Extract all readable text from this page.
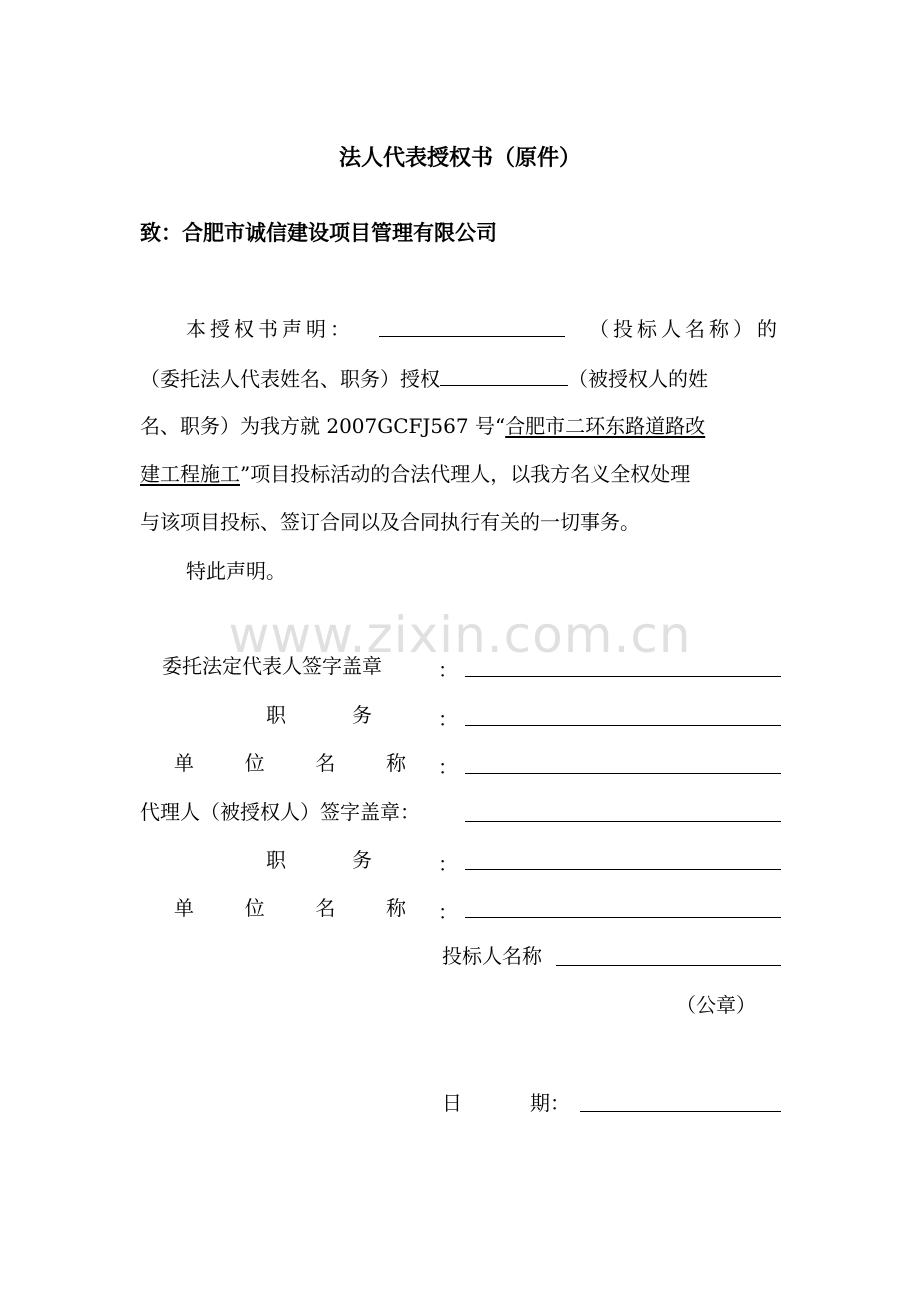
法人代表授权书（原件）
致：合肥市诚信建设项目管理有限公司
本授权书声明：	（投标人名称）的
（委托法人代表姓名、职务）授权	（被授权人的姓
名、职务）为我方就 2007GCFJ567 号“合肥市二环东路道路改
建工程施工”项目投标活动的合法代理人，以我方名义全权处理
与该项目投标、签订合同以及合同执行有关的一切事务。
特此声明。
www.zixin.com.cn
委托法定代表人签字盖章	：
职	务	：
单	位	名	称 ：
代理人（被授权人）签字盖章：
职	务	：
单	位	名	称 ：
投标人名称
（公章）
日	期：
